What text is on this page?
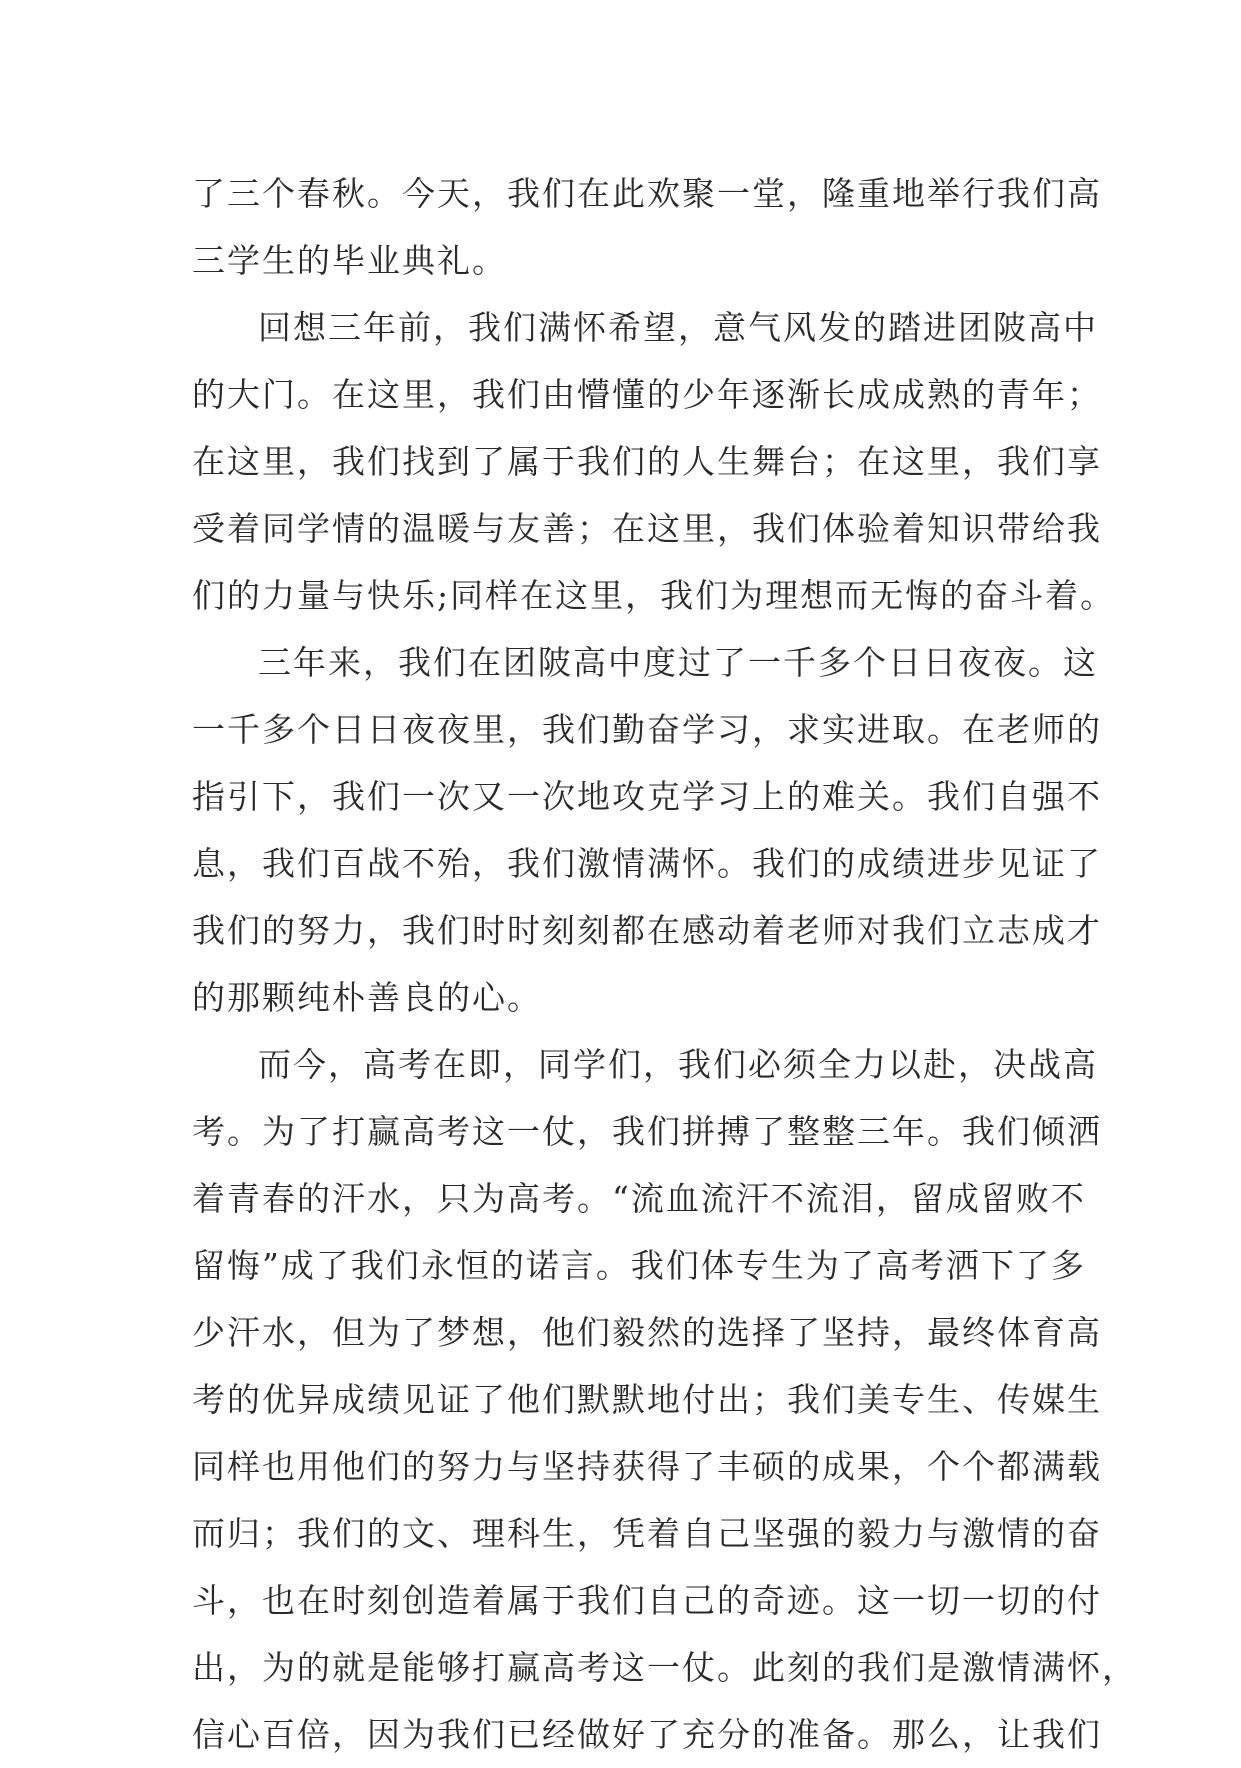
了三个春秋。今天，我们在此欢聚一堂，隆重地举行我们高
三学生的毕业典礼。
回想三年前，我们满怀希望，意气风发的踏进团陂高中
的大门。在这里，我们由懵懂的少年逐渐长成成熟的青年；
在这里，我们找到了属于我们的人生舞台；在这里，我们享
受着同学情的温暖与友善；在这里，我们体验着知识带给我
们的力量与快乐;同样在这里，我们为理想而无悔的奋斗着。
三年来，我们在团陂高中度过了一千多个日日夜夜。这
一千多个日日夜夜里，我们勤奋学习，求实进取。在老师的
指引下，我们一次又一次地攻克学习上的难关。我们自强不
息，我们百战不殆，我们激情满怀。我们的成绩进步见证了
我们的努力，我们时时刻刻都在感动着老师对我们立志成才
的那颗纯朴善良的心。
而今，高考在即，同学们，我们必须全力以赴，决战高
考。为了打赢高考这一仗，我们拼搏了整整三年。我们倾洒
着青春的汗水，只为高考。“流血流汗不流泪，留成留败不
留悔”成了我们永恒的诺言。我们体专生为了高考洒下了多
少汗水，但为了梦想，他们毅然的选择了坚持，最终体育高
考的优异成绩见证了他们默默地付出；我们美专生、传媒生
同样也用他们的努力与坚持获得了丰硕的成果，个个都满载
而归；我们的文、理科生，凭着自己坚强的毅力与激情的奋
斗，也在时刻创造着属于我们自己的奇迹。这一切一切的付
出，为的就是能够打赢高考这一仗。此刻的我们是激情满怀，
信心百倍，因为我们已经做好了充分的准备。那么，让我们
